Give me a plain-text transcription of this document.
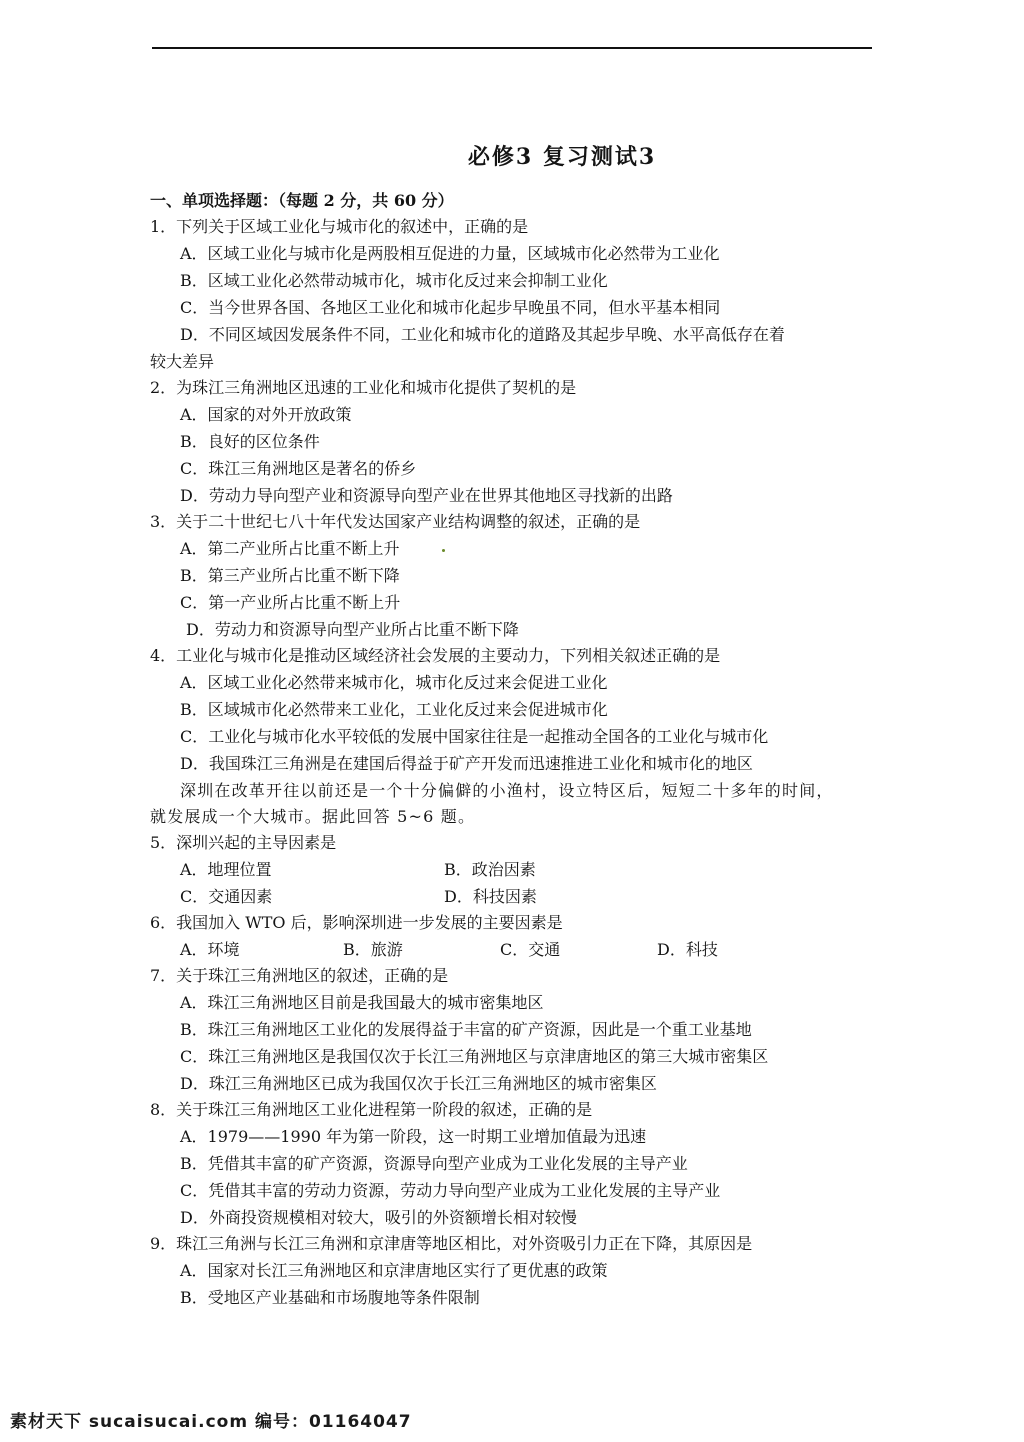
必修3 复习测试3
一、单项选择题：（每题 2 分，共 60 分）
1．下列关于区域工业化与城市化的叙述中，正确的是
A．区域工业化与城市化是两股相互促进的力量，区域城市化必然带为工业化
B．区域工业化必然带动城市化，城市化反过来会抑制工业化
C．当今世界各国、各地区工业化和城市化起步早晚虽不同，但水平基本相同
D．不同区域因发展条件不同，工业化和城市化的道路及其起步早晚、水平高低存在着
较大差异
2．为珠江三角洲地区迅速的工业化和城市化提供了契机的是
A．国家的对外开放政策
B．良好的区位条件
C．珠江三角洲地区是著名的侨乡
D．劳动力导向型产业和资源导向型产业在世界其他地区寻找新的出路
3．关于二十世纪七八十年代发达国家产业结构调整的叙述，正确的是
A．第二产业所占比重不断上升
B．第三产业所占比重不断下降
C．第一产业所占比重不断上升
D．劳动力和资源导向型产业所占比重不断下降
4．工业化与城市化是推动区域经济社会发展的主要动力，下列相关叙述正确的是
A．区域工业化必然带来城市化，城市化反过来会促进工业化
B．区域城市化必然带来工业化，工业化反过来会促进城市化
C．工业化与城市化水平较低的发展中国家往往是一起推动全国各的工业化与城市化
D．我国珠江三角洲是在建国后得益于矿产开发而迅速推进工业化和城市化的地区
深圳在改革开往以前还是一个十分偏僻的小渔村，设立特区后，短短二十多年的时间，
就发展成一个大城市。据此回答 5~6 题。
5．深圳兴起的主导因素是
A．地理位置	B．政治因素
C．交通因素	D．科技因素
6．我国加入 WTO 后，影响深圳进一步发展的主要因素是
A．环境	B．旅游	C．交通	D．科技
7．关于珠江三角洲地区的叙述，正确的是
A．珠江三角洲地区目前是我国最大的城市密集地区
B．珠江三角洲地区工业化的发展得益于丰富的矿产资源，因此是一个重工业基地
C．珠江三角洲地区是我国仅次于长江三角洲地区与京津唐地区的第三大城市密集区
D．珠江三角洲地区已成为我国仅次于长江三角洲地区的城市密集区
8．关于珠江三角洲地区工业化进程第一阶段的叙述，正确的是
A．1979——1990 年为第一阶段，这一时期工业增加值最为迅速
B．凭借其丰富的矿产资源，资源导向型产业成为工业化发展的主导产业
C．凭借其丰富的劳动力资源，劳动力导向型产业成为工业化发展的主导产业
D．外商投资规模相对较大，吸引的外资额增长相对较慢
9．珠江三角洲与长江三角洲和京津唐等地区相比，对外资吸引力正在下降，其原因是
A．国家对长江三角洲地区和京津唐地区实行了更优惠的政策
B．受地区产业基础和市场腹地等条件限制
素材天下 sucaisucai.com 编号：01164047
